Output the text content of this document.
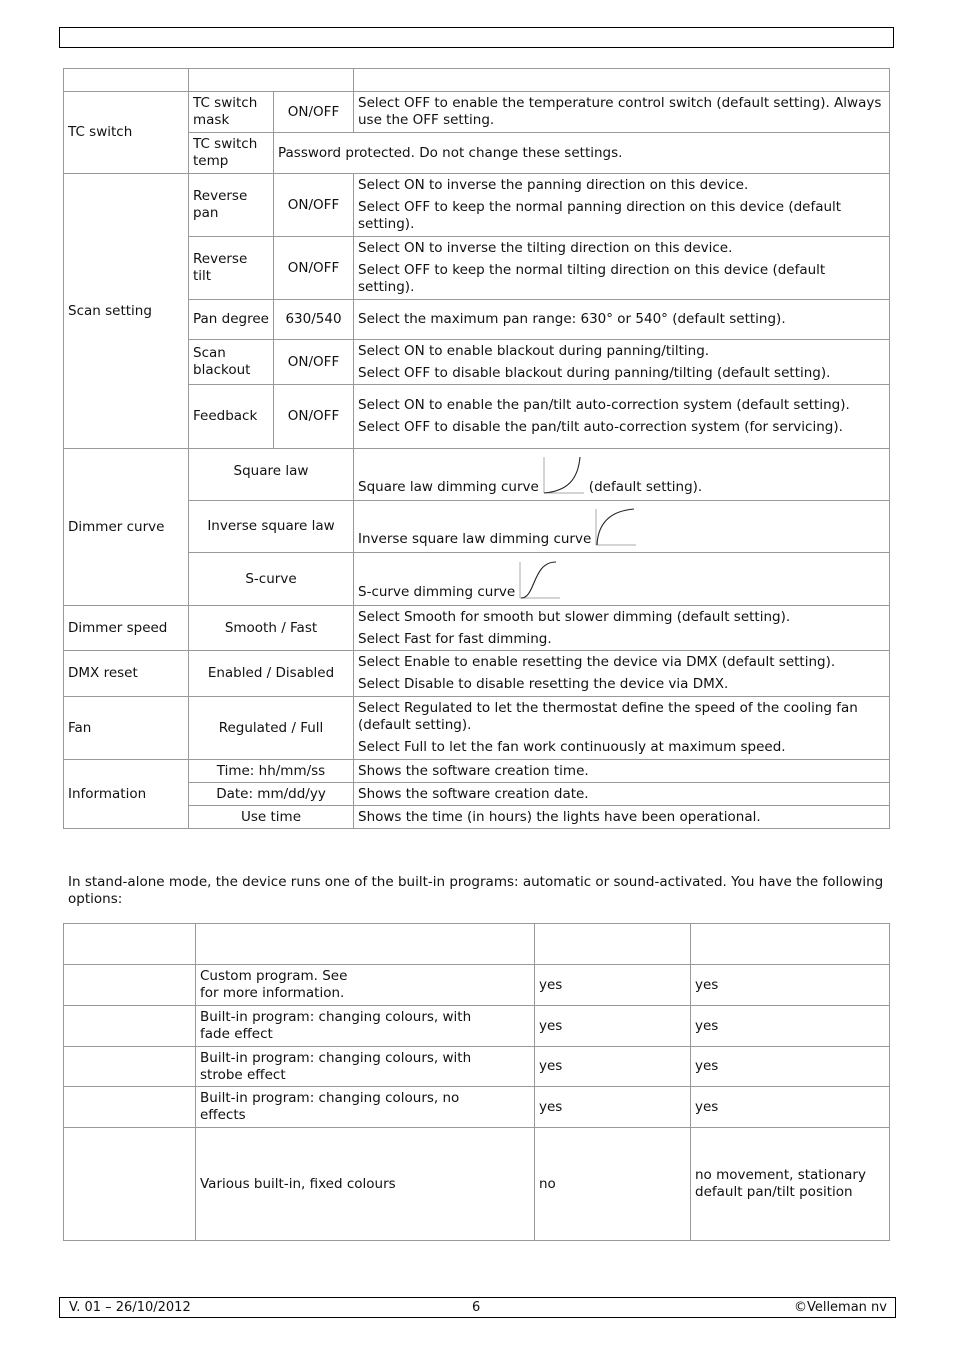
TC switch	TC switch mask	ON/OFF	Select OFF to enable the temperature control switch (default setting). Always use the OFF setting.
	TC switch temp	Password protected. Do not change these settings.	
Scan setting	Reverse pan	ON/OFF	Select ON to inverse the panning direction on this device.

Select OFF to keep the normal panning direction on this device (default setting).

	Reverse tilt	ON/OFF	Select ON to inverse the tilting direction on this device.

Select OFF to keep the normal tilting direction on this device (default setting).

	Pan degree	630/540	Select the maximum pan range: 630° or 540° (default setting).
	Scan blackout	ON/OFF	Select ON to enable blackout during panning/tilting.

Select OFF to disable blackout during panning/tilting (default setting).

	Feedback	ON/OFF	Select ON to enable the pan/tilt auto-correction system (default setting).

Select OFF to disable the pan/tilt auto-correction system (for servicing).

Dimmer curve	Square law		Square law dimming curve (default setting).
	Inverse square law		Inverse square law dimming curve
	S-curve		S-curve dimming curve
Dimmer speed	Smooth / Fast		Select Smooth for smooth but slower dimming (default setting).

Select Fast for fast dimming.

DMX reset	Enabled / Disabled		Select Enable to enable resetting the device via DMX (default setting).

Select Disable to disable resetting the device via DMX.

Fan	Regulated / Full		Select Regulated to let the thermostat define the speed of the cooling fan (default setting).

Select Full to let the fan work continuously at maximum speed.

Information	Time: hh/mm/ss		Shows the software creation time.
	Date: mm/dd/yy		Shows the software creation date.
	Use time		Shows the time (in hours) the lights have been operational.
In stand-alone mode, the device runs one of the built-in programs: automatic or sound-activated. You have the following options:

	Custom program. See
for more information.	yes	yes

	Built-in program: changing colours, with
fade effect	yes	yes

	Built-in program: changing colours, with
strobe effect	yes	yes

	Built-in program: changing colours, no
effects	yes	yes
	Various built-in, fixed colours	no	no movement, stationary default pan/tilt position
V. 01 – 26/10/2012	6	©Velleman nv
